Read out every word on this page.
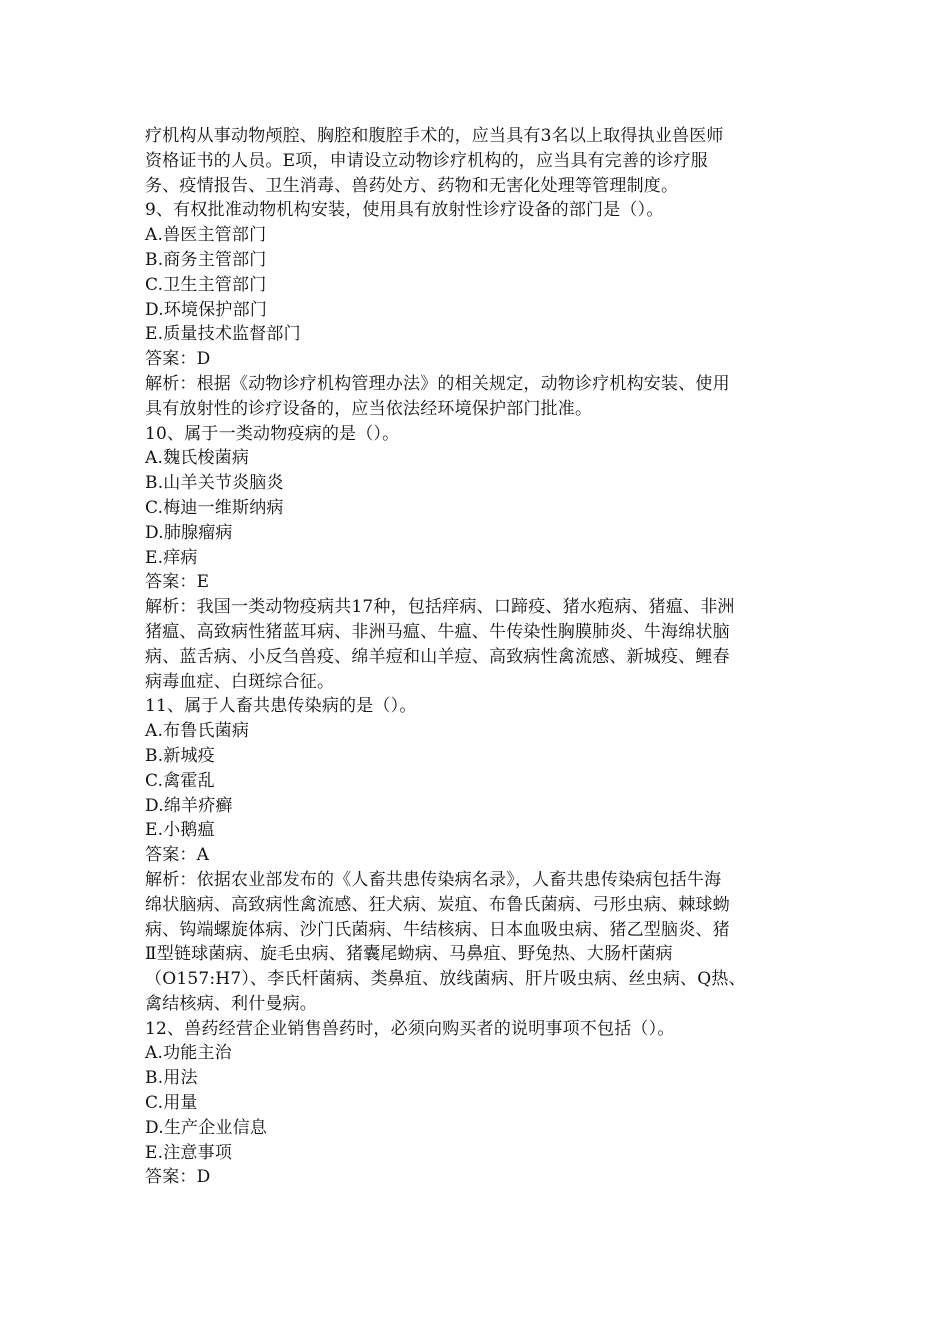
疗机构从事动物颅腔、胸腔和腹腔手术的，应当具有3名以上取得执业兽医师
资格证书的人员。E项，申请设立动物诊疗机构的，应当具有完善的诊疗服
务、疫情报告、卫生消毒、兽药处方、药物和无害化处理等管理制度。
9、有权批准动物机构安装，使用具有放射性诊疗设备的部门是（）。
A.兽医主管部门
B.商务主管部门
C.卫生主管部门
D.环境保护部门
E.质量技术监督部门
答案：D
解析：根据《动物诊疗机构管理办法》的相关规定，动物诊疗机构安装、使用
具有放射性的诊疗设备的，应当依法经环境保护部门批准。
10、属于一类动物疫病的是（）。
A.魏氏梭菌病
B.山羊关节炎脑炎
C.梅迪一维斯纳病
D.肺腺瘤病
E.痒病
答案：E
解析：我国一类动物疫病共17种，包括痒病、口蹄疫、猪水疱病、猪瘟、非洲
猪瘟、高致病性猪蓝耳病、非洲马瘟、牛瘟、牛传染性胸膜肺炎、牛海绵状脑
病、蓝舌病、小反刍兽疫、绵羊痘和山羊痘、高致病性禽流感、新城疫、鲤春
病毒血症、白斑综合征。
11、属于人畜共患传染病的是（）。
A.布鲁氏菌病
B.新城疫
C.禽霍乱
D.绵羊疥癣
E.小鹅瘟
答案：A
解析：依据农业部发布的《人畜共患传染病名录》，人畜共患传染病包括牛海
绵状脑病、高致病性禽流感、狂犬病、炭疽、布鲁氏菌病、弓形虫病、棘球蚴
病、钩端螺旋体病、沙门氏菌病、牛结核病、日本血吸虫病、猪乙型脑炎、猪
Ⅱ型链球菌病、旋毛虫病、猪囊尾蚴病、马鼻疽、野兔热、大肠杆菌病
（O157:H7）、李氏杆菌病、类鼻疽、放线菌病、肝片吸虫病、丝虫病、Q热、
禽结核病、利什曼病。
12、兽药经营企业销售兽药时，必须向购买者的说明事项不包括（）。
A.功能主治
B.用法
C.用量
D.生产企业信息
E.注意事项
答案：D
